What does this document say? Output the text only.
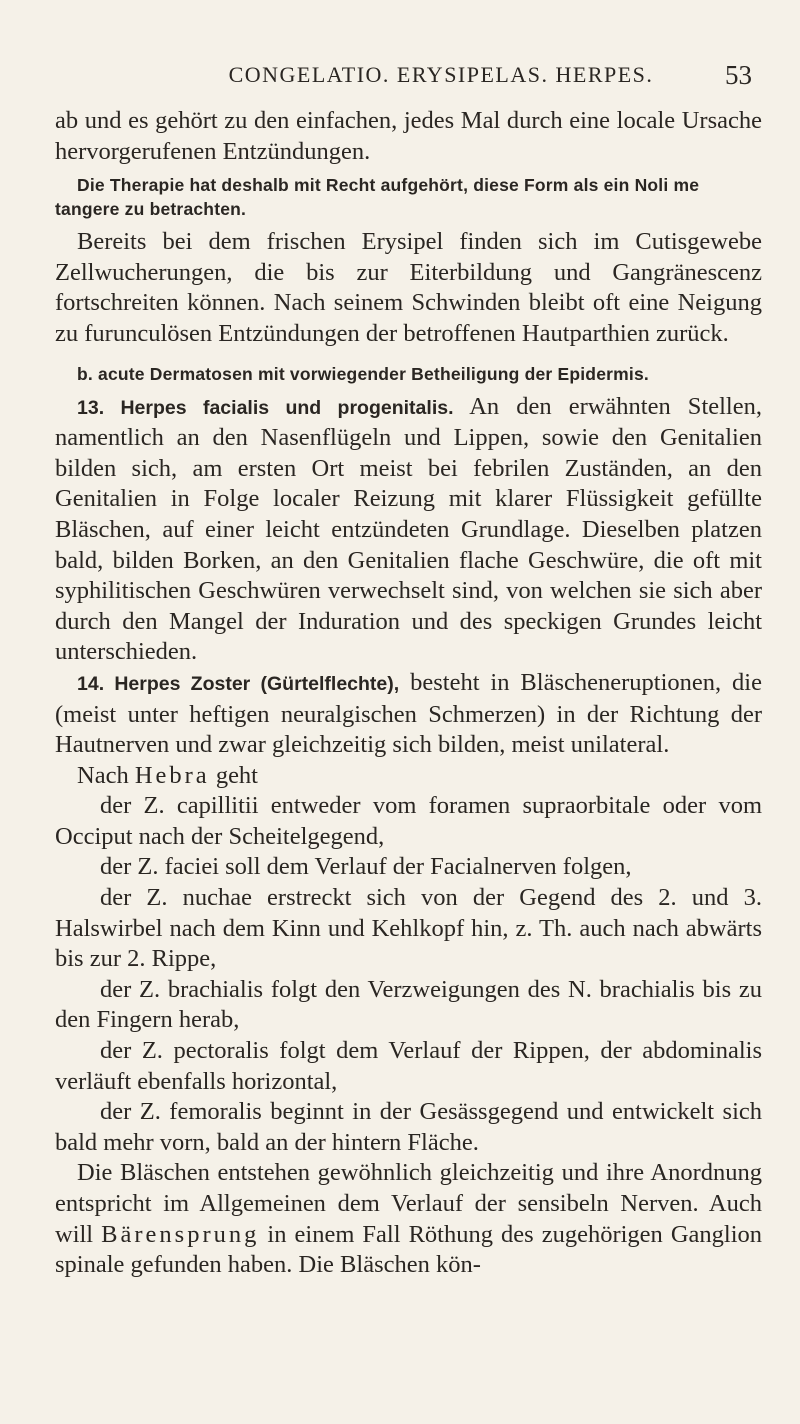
CONGELATIO. ERYSIPELAS. HERPES.	53

ab und es gehört zu den einfachen, jedes Mal durch eine locale Ursache hervorgerufenen Entzündungen.

Die Therapie hat deshalb mit Recht aufgehört, diese Form als ein Noli me tangere zu betrachten.

Bereits bei dem frischen Erysipel finden sich im Cutisgewebe Zellwucherungen, die bis zur Eiterbildung und Gangränescenz fortschreiten können. Nach seinem Schwinden bleibt oft eine Neigung zu furunculösen Entzündungen der betroffenen Hautparthien zurück.

b. acute Dermatosen mit vorwiegender Betheiligung der Epidermis.

13. Herpes facialis und progenitalis. An den erwähnten Stellen, namentlich an den Nasenflügeln und Lippen, sowie den Genitalien bilden sich, am ersten Ort meist bei febrilen Zuständen, an den Genitalien in Folge localer Reizung mit klarer Flüssigkeit gefüllte Bläschen, auf einer leicht entzündeten Grundlage. Dieselben platzen bald, bilden Borken, an den Genitalien flache Geschwüre, die oft mit syphilitischen Geschwüren verwechselt sind, von welchen sie sich aber durch den Mangel der Induration und des speckigen Grundes leicht unterschieden.

14. Herpes Zoster (Gürtelflechte), besteht in Bläscheneruptionen, die (meist unter heftigen neuralgischen Schmerzen) in der Richtung der Hautnerven und zwar gleichzeitig sich bilden, meist unilateral.

Nach Hebra geht

der Z. capillitii entweder vom foramen supraorbitale oder vom Occiput nach der Scheitelgegend,

der Z. faciei soll dem Verlauf der Facialnerven folgen,

der Z. nuchae erstreckt sich von der Gegend des 2. und 3. Halswirbel nach dem Kinn und Kehlkopf hin, z. Th. auch nach abwärts bis zur 2. Rippe,

der Z. brachialis folgt den Verzweigungen des N. brachialis bis zu den Fingern herab,

der Z. pectoralis folgt dem Verlauf der Rippen, der abdominalis verläuft ebenfalls horizontal,

der Z. femoralis beginnt in der Gesässgegend und entwickelt sich bald mehr vorn, bald an der hintern Fläche.

Die Bläschen entstehen gewöhnlich gleichzeitig und ihre Anordnung entspricht im Allgemeinen dem Verlauf der sensibeln Nerven. Auch will Bärensprung in einem Fall Röthung des zugehörigen Ganglion spinale gefunden haben. Die Bläschen kön-
